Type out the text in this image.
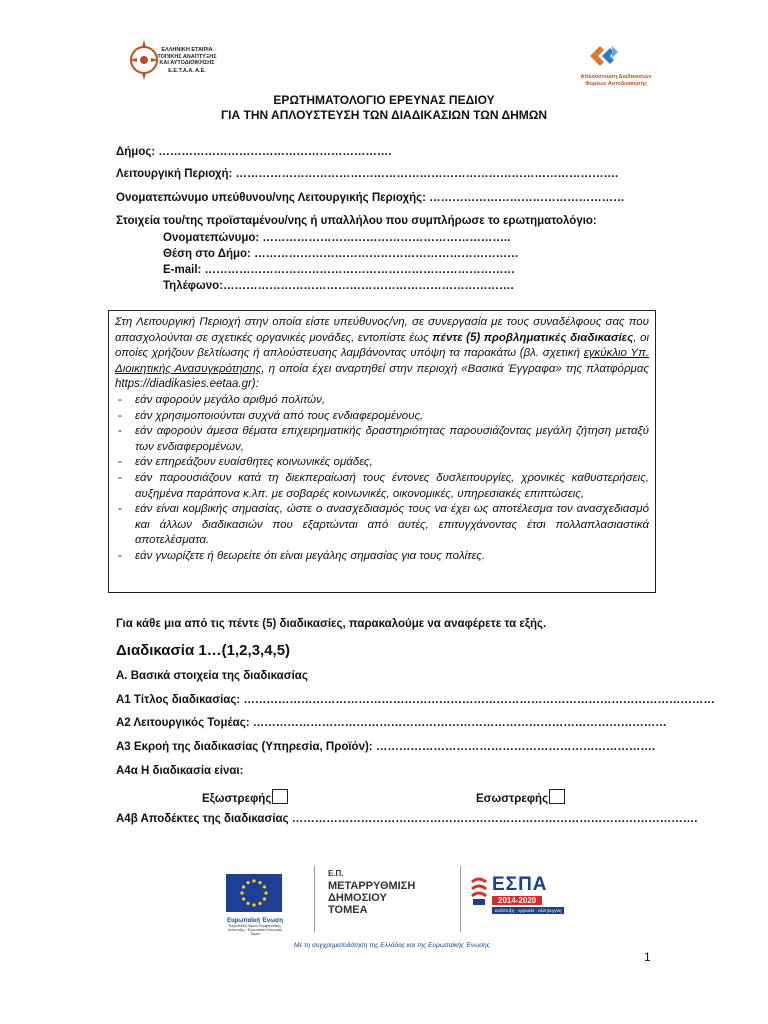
ΕΛΛΗΝΙΚΗ ΕΤΑΙΡΙΑ
ΤΟΠΙΚΗΣ ΑΝΑΠΤΥΞΗΣ
ΚΑΙ ΑΥΤΟΔΙΟΙΚΗΣΗΣ
Ε.Ε.Τ.Α.Α. Α.Ε.
Απλούστευση Διαδικασιών
Φορέων Αυτοδιοίκησης
ΕΡΩΤΗΜΑΤΟΛΟΓΙΟ ΕΡΕΥΝΑΣ ΠΕΔΙΟΥ
ΓΙΑ ΤΗΝ ΑΠΛΟΥΣΤΕΥΣΗ ΤΩΝ ΔΙΑΔΙΚΑΣΙΩΝ ΤΩΝ ΔΗΜΩΝ
Δήμος: …………………………………………………….
Λειτουργική Περιοχή: ……………………………………………………………………………………….
Ονοματεπώνυμο υπεύθυνου/νης Λειτουργικής Περιοχής: ……………………………………………
Στοιχεία του/της προϊσταμένου/νης ή υπαλλήλου που συμπλήρωσε το ερωτηματολόγιο:
Ονοματεπώνυμο: ………………………………………………………..
Θέση στο Δήμο: ……………………………………………………………
E-mail: ………………………………………………………………………
Τηλέφωνο:………………………………………………………………….

Στη Λειτουργική Περιοχή στην οποία είστε υπεύθυνος/νη, σε συνεργασία με τους συναδέλφους σας που απασχολούνται σε σχετικές οργανικές μονάδες, εντοπίστε έως πέντε (5) προβληματικές διαδικασίες, οι οποίες χρήζουν βελτίωσης ή απλούστευσης λαμβάνοντας υπόψη τα παρακάτω (βλ. σχετική εγκύκλιο Υπ. Διοικητικής Ανασυγκρότησης, η οποία έχει αναρτηθεί στην περιοχή «Βασικά Έγγραφα» της πλατφόρμας https://diadikasies.eetaa.gr):

- εάν αφορούν μεγάλο αριθμό πολιτών,
- εάν χρησιμοποιούνται συχνά από τους ενδιαφερομένους,
- εάν αφορούν άμεσα θέματα επιχειρηματικής δραστηριότητας παρουσιάζοντας μεγάλη ζήτηση μεταξύ των ενδιαφερομένων,
- εάν επηρεάζουν ευαίσθητες κοινωνικές ομάδες,
- εάν παρουσιάζουν κατά τη διεκπεραίωσή τους έντονες δυσλειτουργίες, χρονικές καθυστερήσεις, αυξημένα παράπονα κ.λπ. με σοβαρές κοινωνικές, οικονομικές, υπηρεσιακές επιπτώσεις,
- εάν είναι κομβικής σημασίας, ώστε ο ανασχεδιασμός τους να έχει ως αποτέλεσμα τον ανασχεδιασμό και άλλων διαδικασιών που εξαρτώνται από αυτές, επιτυγχάνοντας έτσι πολλαπλασιαστικά αποτελέσματα.
- εάν γνωρίζετε ή θεωρείτε ότι είναι μεγάλης σημασίας για τους πολίτες.
Για κάθε μια από τις πέντε (5) διαδικασίες, παρακαλούμε να αναφέρετε τα εξής.
Διαδικασία 1…(1,2,3,4,5)
Α. Βασικά στοιχεία της διαδικασίας
Α1 Τίτλος διαδικασίας: ……………………………………………………………………………………………………………
Α2 Λειτουργικός Τομέας: ………………………………………………………………………………………………
Α3 Εκροή της διαδικασίας (Υπηρεσία, Προϊόν): ……………………………………………………………….
Α4α Η διαδικασία είναι:
Εξωστρεφής	Εσωστρεφής
Α4β Αποδέκτες της διαδικασίας …………………………………………………………………………………………….
Ευρωπαϊκή Ένωση
Ευρωπαϊκό Ταμείο Περιφερειακής Ανάπτυξης / Ευρωπαϊκό Κοινωνικό Ταμείο
Ε.Π.
ΜΕΤΑΡΡΥΘΜΙΣΗ
ΔΗΜΟΣΙΟΥ
ΤΟΜΕΑ
ΕΣΠΑ
2014-2020
ανάπτυξη - εργασία - αλληλεγγύη
Με τη συγχρηματοδότηση της Ελλάδας και της Ευρωπαϊκής Ένωσης
1
